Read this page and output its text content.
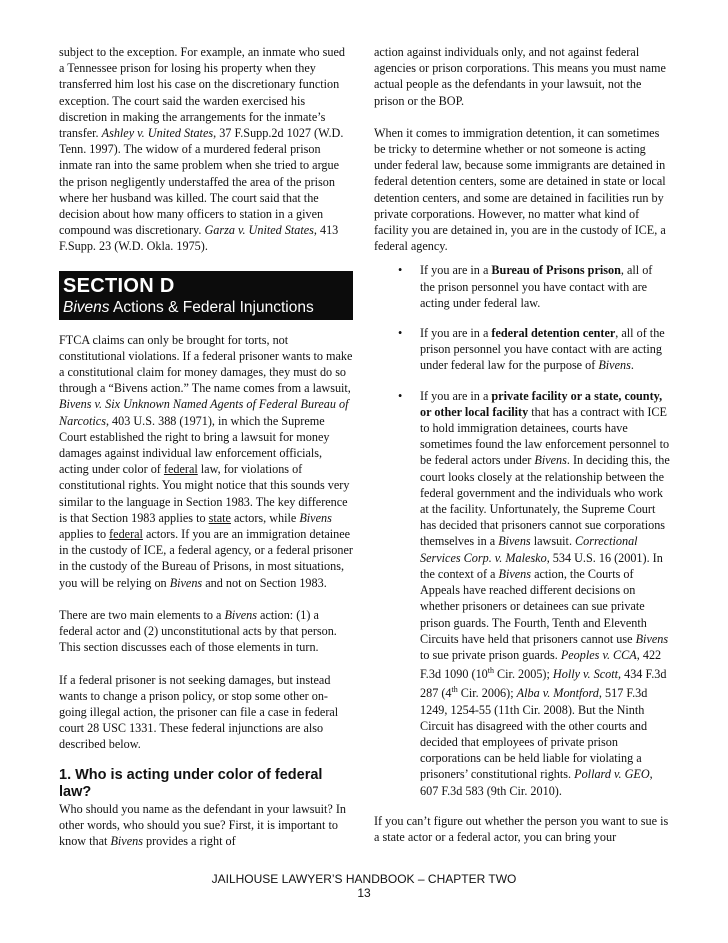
subject to the exception. For example, an inmate who sued a Tennessee prison for losing his property when they transferred him lost his case on the discretionary function exception. The court said the warden exercised his discretion in making the arrangements for the inmate’s transfer. Ashley v. United States, 37 F.Supp.2d 1027 (W.D. Tenn. 1997). The widow of a murdered federal prison inmate ran into the same problem when she tried to argue the prison negligently understaffed the area of the prison where her husband was killed. The court said that the decision about how many officers to station in a given compound was discretionary. Garza v. United States, 413 F.Supp. 23 (W.D. Okla. 1975).

SECTION D
Bivens Actions & Federal Injunctions

FTCA claims can only be brought for torts, not constitutional violations. If a federal prisoner wants to make a constitutional claim for money damages, they must do so through a “Bivens action.” The name comes from a lawsuit, Bivens v. Six Unknown Named Agents of Federal Bureau of Narcotics, 403 U.S. 388 (1971), in which the Supreme Court established the right to bring a lawsuit for money damages against individual law enforcement officials, acting under color of federal law, for violations of constitutional rights. You might notice that this sounds very similar to the language in Section 1983. The key difference is that Section 1983 applies to state actors, while Bivens applies to federal actors. If you are an immigration detainee in the custody of ICE, a federal agency, or a federal prisoner in the custody of the Bureau of Prisons, in most situations, you will be relying on Bivens and not on Section 1983.

There are two main elements to a Bivens action: (1) a federal actor and (2) unconstitutional acts by that person. This section discusses each of those elements in turn.

If a federal prisoner is not seeking damages, but instead wants to change a prison policy, or stop some other on-going illegal action, the prisoner can file a case in federal court 28 USC 1331. These federal injunctions are also described below.

1. Who is acting under color of federal law?

Who should you name as the defendant in your lawsuit? In other words, who should you sue? First, it is important to know that Bivens provides a right of

action against individuals only, and not against federal agencies or prison corporations. This means you must name actual people as the defendants in your lawsuit, not the prison or the BOP.

When it comes to immigration detention, it can sometimes be tricky to determine whether or not someone is acting under federal law, because some immigrants are detained in federal detention centers, some are detained in state or local detention centers, and some are detained in facilities run by private corporations. However, no matter what kind of facility you are detained in, you are in the custody of ICE, a federal agency.

• If you are in a Bureau of Prisons prison, all of the prison personnel you have contact with are acting under federal law.
• If you are in a federal detention center, all of the prison personnel you have contact with are acting under federal law for the purpose of Bivens.
• If you are in a private facility or a state, county, or other local facility that has a contract with ICE to hold immigration detainees, courts have sometimes found the law enforcement personnel to be federal actors under Bivens. In deciding this, the court looks closely at the relationship between the federal government and the individuals who work at the facility. Unfortunately, the Supreme Court has decided that prisoners cannot sue corporations themselves in a Bivens lawsuit. Correctional Services Corp. v. Malesko, 534 U.S. 16 (2001). In the context of a Bivens action, the Courts of Appeals have reached different decisions on whether prisoners or detainees can sue private prison guards. The Fourth, Tenth and Eleventh Circuits have held that prisoners cannot use Bivens to sue private prison guards. Peoples v. CCA, 422 F.3d 1090 (10th Cir. 2005); Holly v. Scott, 434 F.3d 287 (4th Cir. 2006); Alba v. Montford, 517 F.3d 1249, 1254-55 (11th Cir. 2008). But the Ninth Circuit has disagreed with the other courts and decided that employees of private prison corporations can be held liable for violating a prisoners’ constitutional rights. Pollard v. GEO, 607 F.3d 583 (9th Cir. 2010).

If you can’t figure out whether the person you want to sue is a state actor or a federal actor, you can bring your

JAILHOUSE LAWYER’S HANDBOOK – CHAPTER TWO
13
